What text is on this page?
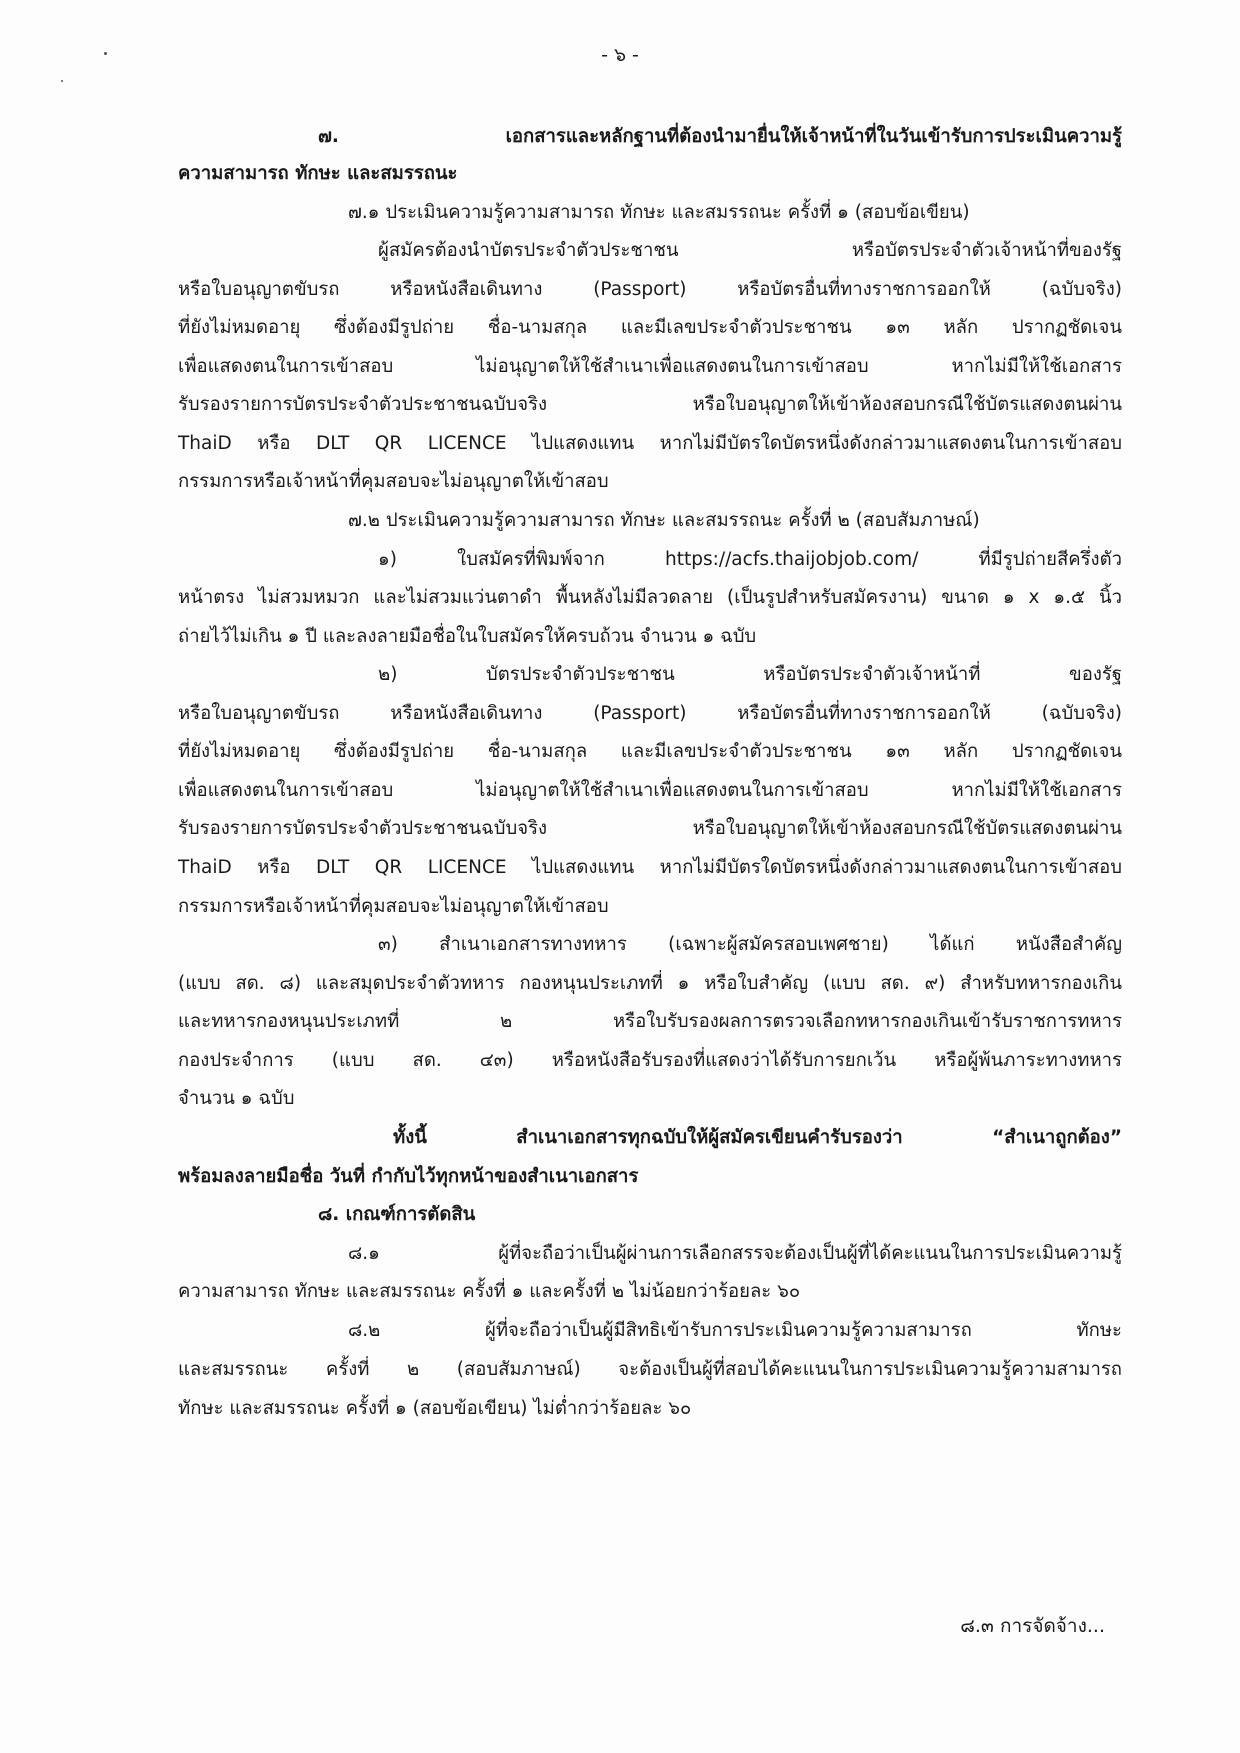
- ๖ -
๗. เอกสารและหลักฐานที่ต้องนำมายื่นให้เจ้าหน้าที่ในวันเข้ารับการประเมินความรู้
ความสามารถ ทักษะ และสมรรถนะ
๗.๑ ประเมินความรู้ความสามารถ ทักษะ และสมรรถนะ ครั้งที่ ๑ (สอบข้อเขียน)
ผู้สมัครต้องนำบัตรประจำตัวประชาชน หรือบัตรประจำตัวเจ้าหน้าที่ของรัฐ
หรือใบอนุญาตขับรถ หรือหนังสือเดินทาง (Passport) หรือบัตรอื่นที่ทางราชการออกให้ (ฉบับจริง)
ที่ยังไม่หมดอายุ ซึ่งต้องมีรูปถ่าย ชื่อ-นามสกุล และมีเลขประจำตัวประชาชน ๑๓ หลัก ปรากฏชัดเจน
เพื่อแสดงตนในการเข้าสอบ ไม่อนุญาตให้ใช้สำเนาเพื่อแสดงตนในการเข้าสอบ หากไม่มีให้ใช้เอกสาร
รับรองรายการบัตรประจำตัวประชาชนฉบับจริง หรือใบอนุญาตให้เข้าห้องสอบกรณีใช้บัตรแสดงตนผ่าน
ThaiD หรือ DLT QR LICENCE ไปแสดงแทน หากไม่มีบัตรใดบัตรหนึ่งดังกล่าวมาแสดงตนในการเข้าสอบ
กรรมการหรือเจ้าหน้าที่คุมสอบจะไม่อนุญาตให้เข้าสอบ
๗.๒ ประเมินความรู้ความสามารถ ทักษะ และสมรรถนะ ครั้งที่ ๒ (สอบสัมภาษณ์)
๑) ใบสมัครที่พิมพ์จาก https://acfs.thaijobjob.com/ ที่มีรูปถ่ายสีครึ่งตัว
หน้าตรง ไม่สวมหมวก และไม่สวมแว่นตาดำ พื้นหลังไม่มีลวดลาย (เป็นรูปสำหรับสมัครงาน) ขนาด ๑ x ๑.๕ นิ้ว
ถ่ายไว้ไม่เกิน ๑ ปี และลงลายมือชื่อในใบสมัครให้ครบถ้วน จำนวน ๑ ฉบับ
๒) บัตรประจำตัวประชาชน หรือบัตรประจำตัวเจ้าหน้าที่ ของรัฐ
หรือใบอนุญาตขับรถ หรือหนังสือเดินทาง (Passport) หรือบัตรอื่นที่ทางราชการออกให้ (ฉบับจริง)
ที่ยังไม่หมดอายุ ซึ่งต้องมีรูปถ่าย ชื่อ-นามสกุล และมีเลขประจำตัวประชาชน ๑๓ หลัก ปรากฏชัดเจน
เพื่อแสดงตนในการเข้าสอบ ไม่อนุญาตให้ใช้สำเนาเพื่อแสดงตนในการเข้าสอบ หากไม่มีให้ใช้เอกสาร
รับรองรายการบัตรประจำตัวประชาชนฉบับจริง หรือใบอนุญาตให้เข้าห้องสอบกรณีใช้บัตรแสดงตนผ่าน
ThaiD หรือ DLT QR LICENCE ไปแสดงแทน หากไม่มีบัตรใดบัตรหนึ่งดังกล่าวมาแสดงตนในการเข้าสอบ
กรรมการหรือเจ้าหน้าที่คุมสอบจะไม่อนุญาตให้เข้าสอบ
๓) สำเนาเอกสารทางทหาร (เฉพาะผู้สมัครสอบเพศชาย) ได้แก่ หนังสือสำคัญ
(แบบ สด. ๘) และสมุดประจำตัวทหาร กองหนุนประเภทที่ ๑ หรือใบสำคัญ (แบบ สด. ๙) สำหรับทหารกองเกิน
และทหารกองหนุนประเภทที่ ๒ หรือใบรับรองผลการตรวจเลือกทหารกองเกินเข้ารับราชการทหาร
กองประจำการ (แบบ สด. ๔๓) หรือหนังสือรับรองที่แสดงว่าได้รับการยกเว้น หรือผู้พ้นภาระทางทหาร
จำนวน ๑ ฉบับ
ทั้งนี้ สำเนาเอกสารทุกฉบับให้ผู้สมัครเขียนคำรับรองว่า “สำเนาถูกต้อง”
พร้อมลงลายมือชื่อ วันที่ กำกับไว้ทุกหน้าของสำเนาเอกสาร
๘. เกณฑ์การตัดสิน
๘.๑ ผู้ที่จะถือว่าเป็นผู้ผ่านการเลือกสรรจะต้องเป็นผู้ที่ได้คะแนนในการประเมินความรู้
ความสามารถ ทักษะ และสมรรถนะ ครั้งที่ ๑ และครั้งที่ ๒ ไม่น้อยกว่าร้อยละ ๖๐
๘.๒ ผู้ที่จะถือว่าเป็นผู้มีสิทธิเข้ารับการประเมินความรู้ความสามารถ ทักษะ
และสมรรถนะ ครั้งที่ ๒ (สอบสัมภาษณ์) จะต้องเป็นผู้ที่สอบได้คะแนนในการประเมินความรู้ความสามารถ
ทักษะ และสมรรถนะ ครั้งที่ ๑ (สอบข้อเขียน) ไม่ต่ำกว่าร้อยละ ๖๐
๘.๓ การจัดจ้าง...
